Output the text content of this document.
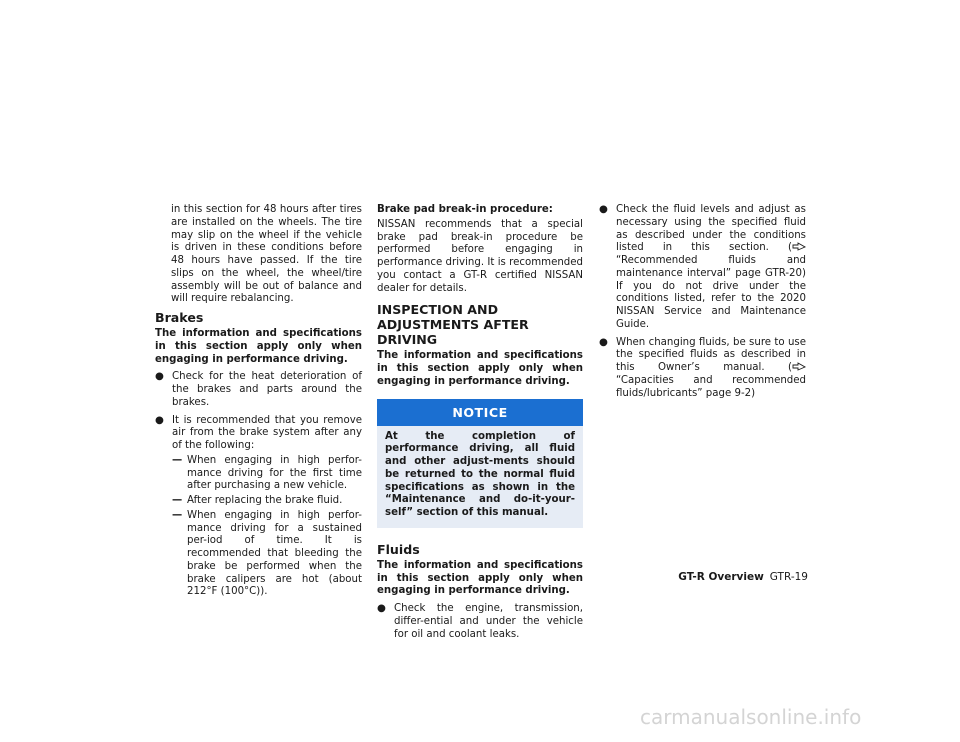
in this section for 48 hours after tires are installed on the wheels. The tire may slip on the wheel if the vehicle is driven in these conditions before 48 hours have passed. If the tire slips on the wheel, the wheel/tire assembly will be out of balance and will require rebalancing.

Brakes

The information and specifications in this section apply only when engaging in performance driving.

● Check for the heat deterioration of the brakes and parts around the brakes.
● It is recommended that you remove air from the brake system after any of the following:
— When engaging in high perfor-mance driving for the first time after purchasing a new vehicle.
— After replacing the brake fluid.
— When engaging in high perfor-mance driving for a sustained per-iod of time. It is recommended that bleeding the brake be performed when the brake calipers are hot (about 212°F (100°C)).

Brake pad break-in procedure:

NISSAN recommends that a special brake pad break-in procedure be performed before engaging in performance driving. It is recommended you contact a GT-R certified NISSAN dealer for details.

INSPECTION AND ADJUSTMENTS AFTER DRIVING

The information and specifications in this section apply only when engaging in performance driving.

NOTICE
At the completion of performance driving, all fluid and other adjust-ments should be returned to the normal fluid specifications as shown in the “Maintenance and do-it-your-self” section of this manual.
Fluids

The information and specifications in this section apply only when engaging in performance driving.

● Check the engine, transmission, differ-ential and under the vehicle for oil and coolant leaks.
● Check the fluid levels and adjust as necessary using the specified fluid as described under the conditions listed in this section. (
“Recommended fluids and maintenance interval” page GTR-20) If you do not drive under the conditions listed, refer to the 2020 NISSAN Service and Maintenance Guide.
● When changing fluids, be sure to use the specified fluids as described in this Owner’s manual. (
“Capacities and recommended fluids/lubricants” page 9-2)
GT-R Overview GTR-19
carmanualsonline.info
